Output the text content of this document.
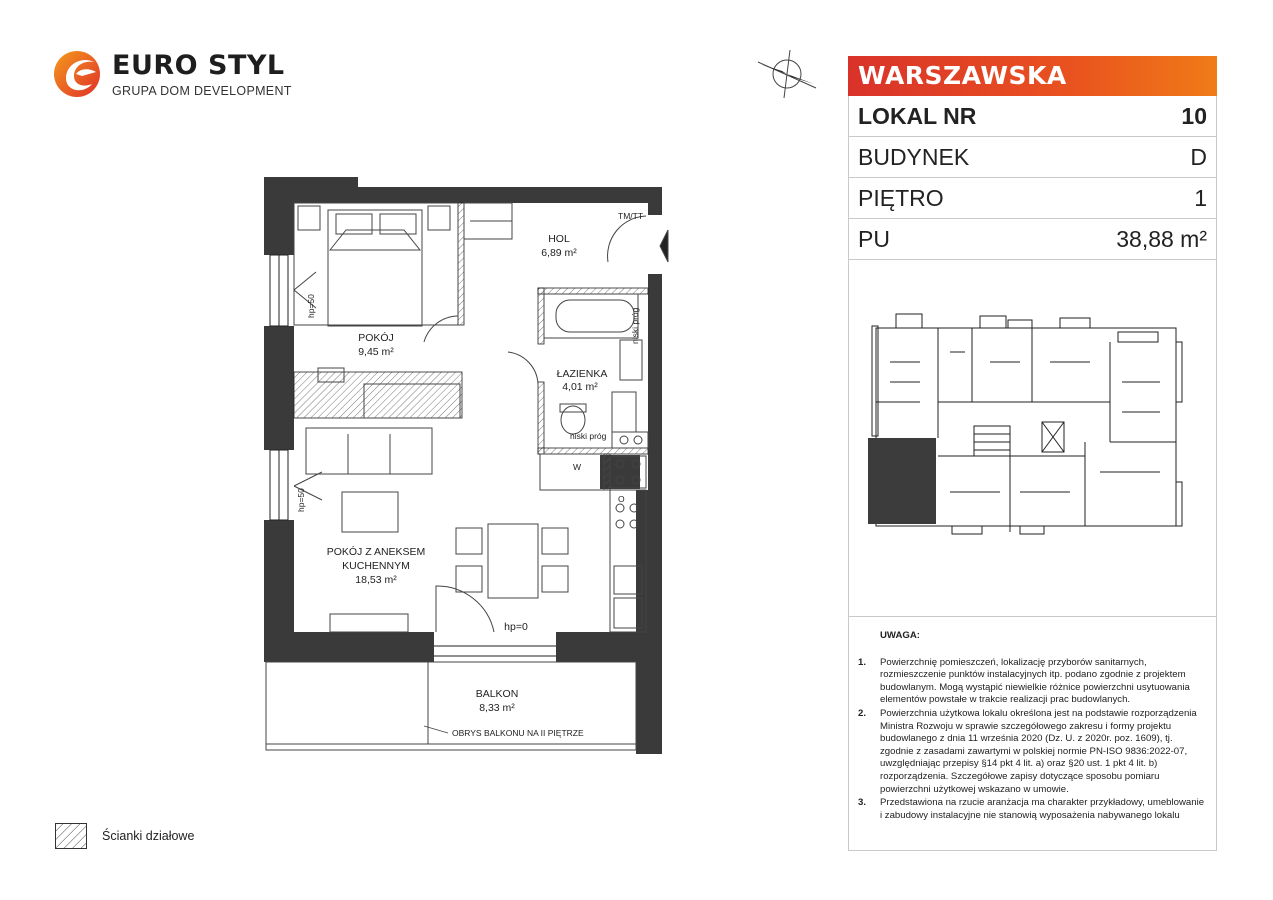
EURO STYL
GRUPA DOM DEVELOPMENT
WARSZAWSKA
LOKAL NR	10
BUDYNEK	D
PIĘTRO	1
PU	38,88 m²
UWAGA:
1.	Powierzchnię pomieszczeń, lokalizację przyborów sanitarnych, rozmieszczenie punktów instalacyjnych itp. podano zgodnie z projektem budowlanym. Mogą wystąpić niewielkie różnice powierzchni usytuowania elementów powstałe w trakcie realizacji prac budowlanych.
2.	Powierzchnia użytkowa lokalu określona jest na podstawie rozporządzenia Ministra Rozwoju w sprawie szczegółowego zakresu i formy projektu budowlanego z dnia 11 września 2020 (Dz. U. z 2020r. poz. 1609), tj. zgodnie z zasadami zawartymi w polskiej normie PN-ISO 9836:2022-07, uwzględniając przepisy §14 pkt 4 lit. a) oraz §20 ust. 1 pkt 4 lit. b) rozporządzenia. Szczegółowe zapisy dotyczące sposobu pomiaru powierzchni użytkowej wskazano w umowie.
3.	Przedstawiona na rzucie aranżacja ma charakter przykładowy, umeblowanie i zabudowy instalacyjne nie stanowią wyposażenia nabywanego lokalu
HOL
6,89 m²
POKÓJ
9,45 m²
ŁAZIENKA
4,01 m²
POKÓJ Z ANEKSEM
KUCHENNYM
18,53 m²
BALKON
8,33 m²
hp=0
TM/TT
niski próg
W
O
OBRYS BALKONU NA II PIĘTRZE
hp=50
hp=50
niski próg
Ścianki działowe
